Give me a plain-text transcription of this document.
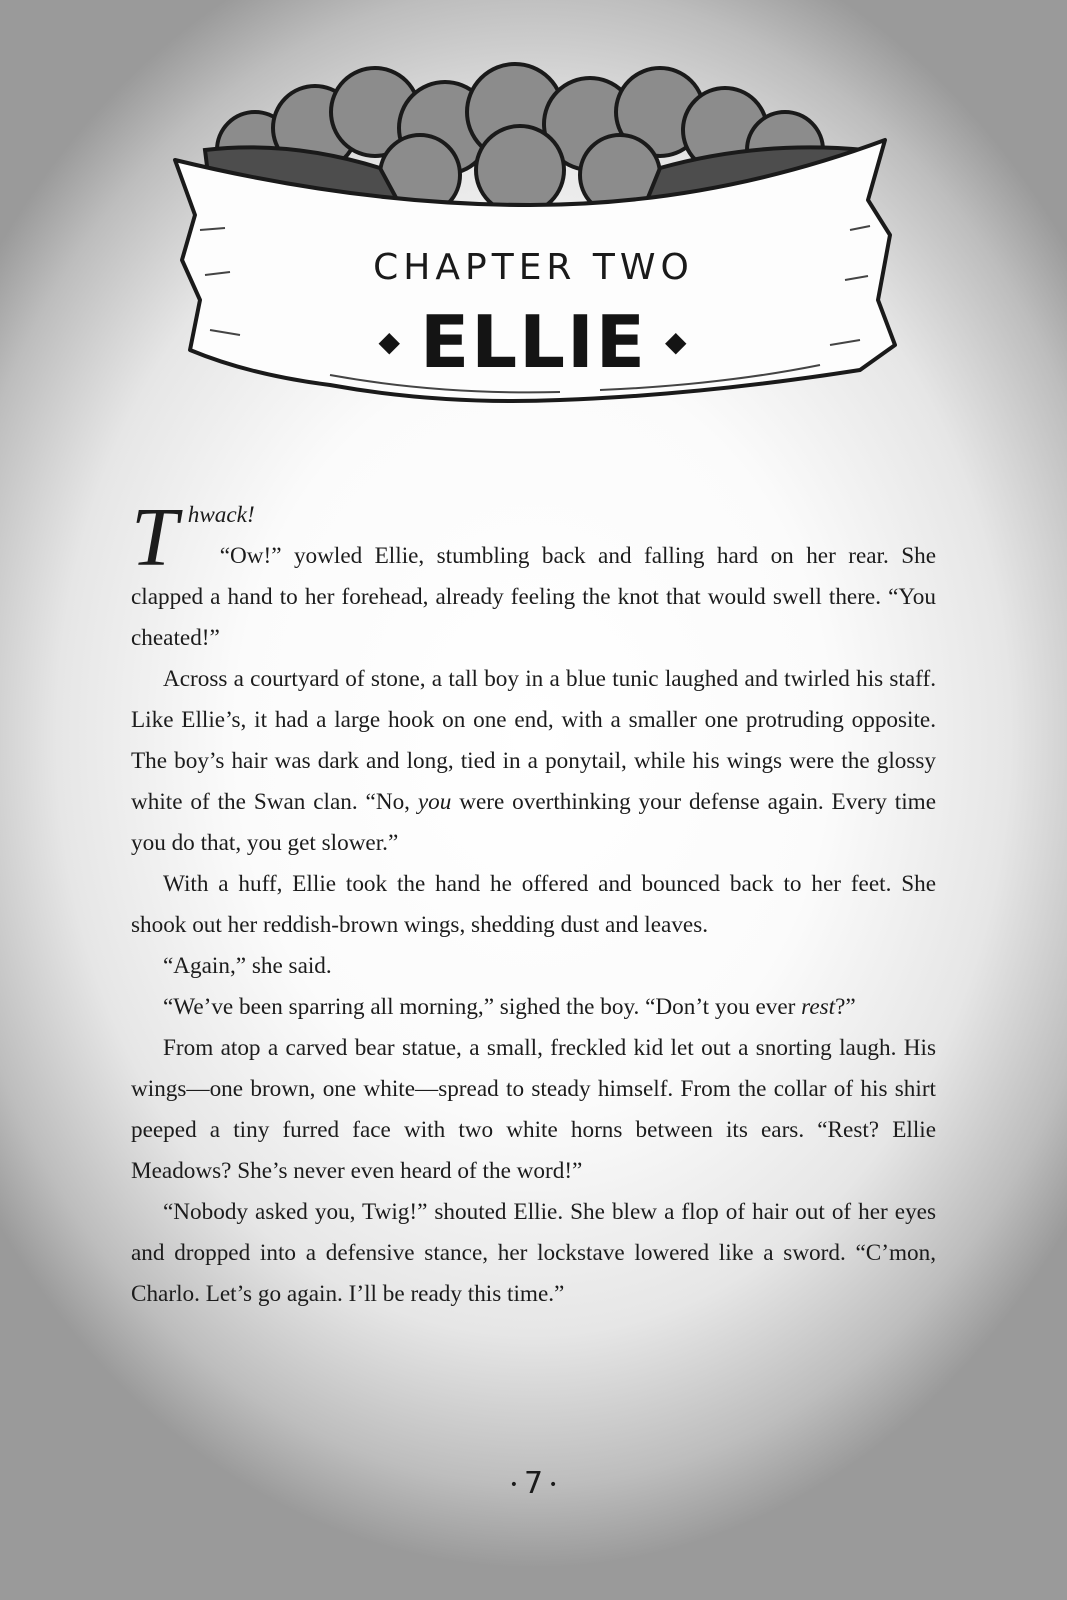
CHAPTER TWO
◆ ELLIE ◆

Thwack!

“Ow!” yowled Ellie, stumbling back and falling hard on her rear. She clapped a hand to her forehead, already feeling the knot that would swell there. “You cheated!”

Across a courtyard of stone, a tall boy in a blue tunic laughed and twirled his staff. Like Ellie’s, it had a large hook on one end, with a smaller one protruding opposite. The boy’s hair was dark and long, tied in a ponytail, while his wings were the glossy white of the Swan clan. “No, you were overthinking your defense again. Every time you do that, you get slower.”

With a huff, Ellie took the hand he offered and bounced back to her feet. She shook out her reddish-brown wings, shedding dust and leaves.

“Again,” she said.

“We’ve been sparring all morning,” sighed the boy. “Don’t you ever rest?”

From atop a carved bear statue, a small, freckled kid let out a snorting laugh. His wings—one brown, one white—spread to steady himself. From the collar of his shirt peeped a tiny furred face with two white horns between its ears. “Rest? Ellie Meadows? She’s never even heard of the word!”

“Nobody asked you, Twig!” shouted Ellie. She blew a flop of hair out of her eyes and dropped into a defensive stance, her lockstave lowered like a sword. “C’mon, Charlo. Let’s go again. I’ll be ready this time.”

• 7 •
